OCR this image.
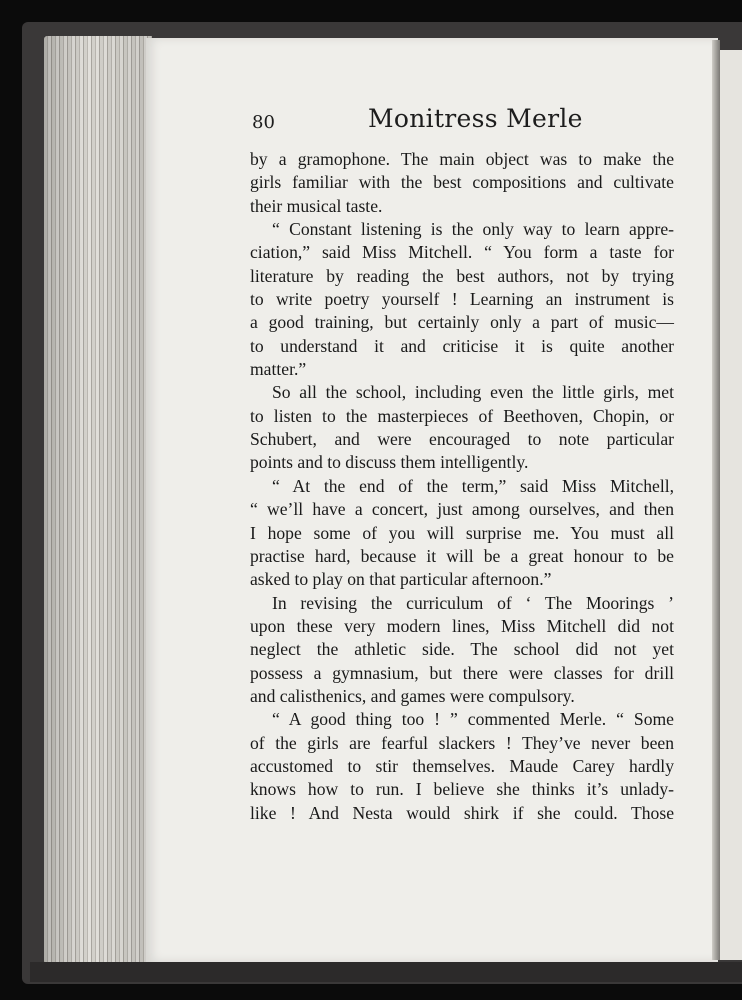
80	Monitress Merle
by a gramophone. The main object was to make the
girls familiar with the best compositions and cultivate
their musical taste.
“ Constant listening is the only way to learn appre-
ciation,” said Miss Mitchell. “ You form a taste for
literature by reading the best authors, not by trying
to write poetry yourself ! Learning an instrument is
a good training, but certainly only a part of music—
to understand it and criticise it is quite another
matter.”
So all the school, including even the little girls, met
to listen to the masterpieces of Beethoven, Chopin, or
Schubert, and were encouraged to note particular
points and to discuss them intelligently.
“ At the end of the term,” said Miss Mitchell,
“ we’ll have a concert, just among ourselves, and then
I hope some of you will surprise me. You must all
practise hard, because it will be a great honour to be
asked to play on that particular afternoon.”
In revising the curriculum of ‘ The Moorings ’
upon these very modern lines, Miss Mitchell did not
neglect the athletic side. The school did not yet
possess a gymnasium, but there were classes for drill
and calisthenics, and games were compulsory.
“ A good thing too ! ” commented Merle. “ Some
of the girls are fearful slackers ! They’ve never been
accustomed to stir themselves. Maude Carey hardly
knows how to run. I believe she thinks it’s unlady-
like ! And Nesta would shirk if she could. Those
